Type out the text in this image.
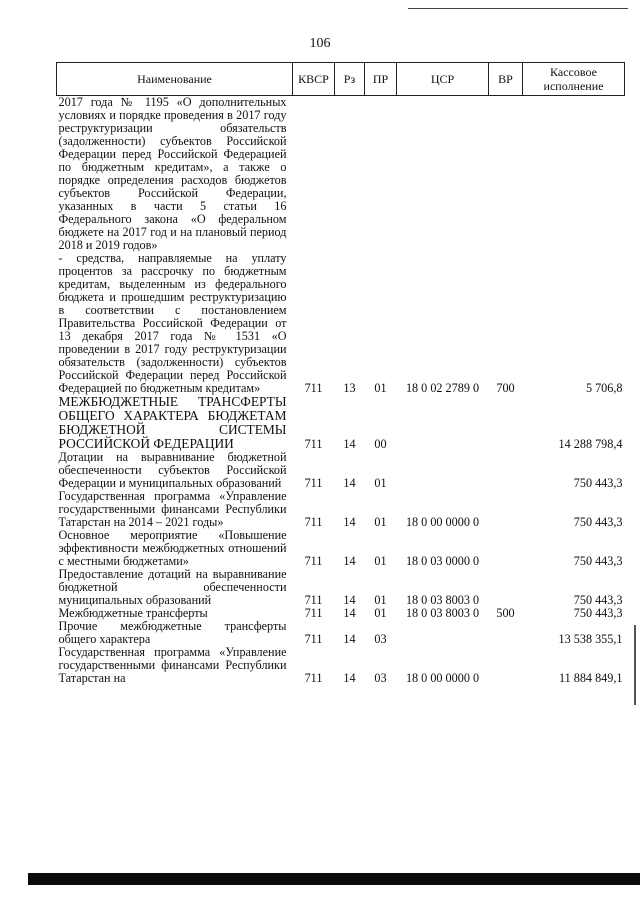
106
Наименование	КВСР	Рз	ПР	ЦСР	ВР	Кассовое исполнение
2017 года № 1195 «О дополнительных условиях и порядке проведения в 2017 году реструктуризации обязательств (задолженности) субъектов Российской Федерации перед Российской Федерацией по бюджетным кредитам», а также о порядке определения расходов бюджетов субъектов Российской Федерации, указанных в части 5 статьи 16 Федерального закона «О федеральном бюджете на 2017 год и на плановый период 2018 и 2019 годов»						
- средства, направляемые на уплату процентов за рассрочку по бюджетным кредитам, выделенным из федерального бюджета и прошедшим реструктуризацию в соответствии с постановлением Правительства Российской Федерации от 13 декабря 2017 года № 1531 «О проведении в 2017 году реструктуризации обязательств (задолженности) субъектов Российской Федерации перед Российской Федерацией по бюджетным кредитам»	711	13	01	18 0 02 2789 0	700	5 706,8
МЕЖБЮДЖЕТНЫЕ ТРАНСФЕРТЫ ОБЩЕГО ХАРАКТЕРА БЮДЖЕТАМ БЮДЖЕТНОЙ СИСТЕМЫ РОССИЙСКОЙ ФЕДЕРАЦИИ	711	14	00			14 288 798,4
Дотации на выравнивание бюджетной обеспеченности субъектов Российской Федерации и муниципальных образований	711	14	01			750 443,3
Государственная программа «Управление государственными финансами Республики Татарстан на 2014 – 2021 годы»	711	14	01	18 0 00 0000 0		750 443,3
Основное мероприятие «Повышение эффективности межбюджетных отношений с местными бюджетами»	711	14	01	18 0 03 0000 0		750 443,3
Предоставление дотаций на выравнивание бюджетной обеспеченности муниципальных образований	711	14	01	18 0 03 8003 0		750 443,3
Межбюджетные трансферты	711	14	01	18 0 03 8003 0	500	750 443,3
Прочие межбюджетные трансферты общего характера	711	14	03			13 538 355,1
Государственная программа «Управление государственными финансами Республики Татарстан на	711	14	03	18 0 00 0000 0		11 884 849,1
